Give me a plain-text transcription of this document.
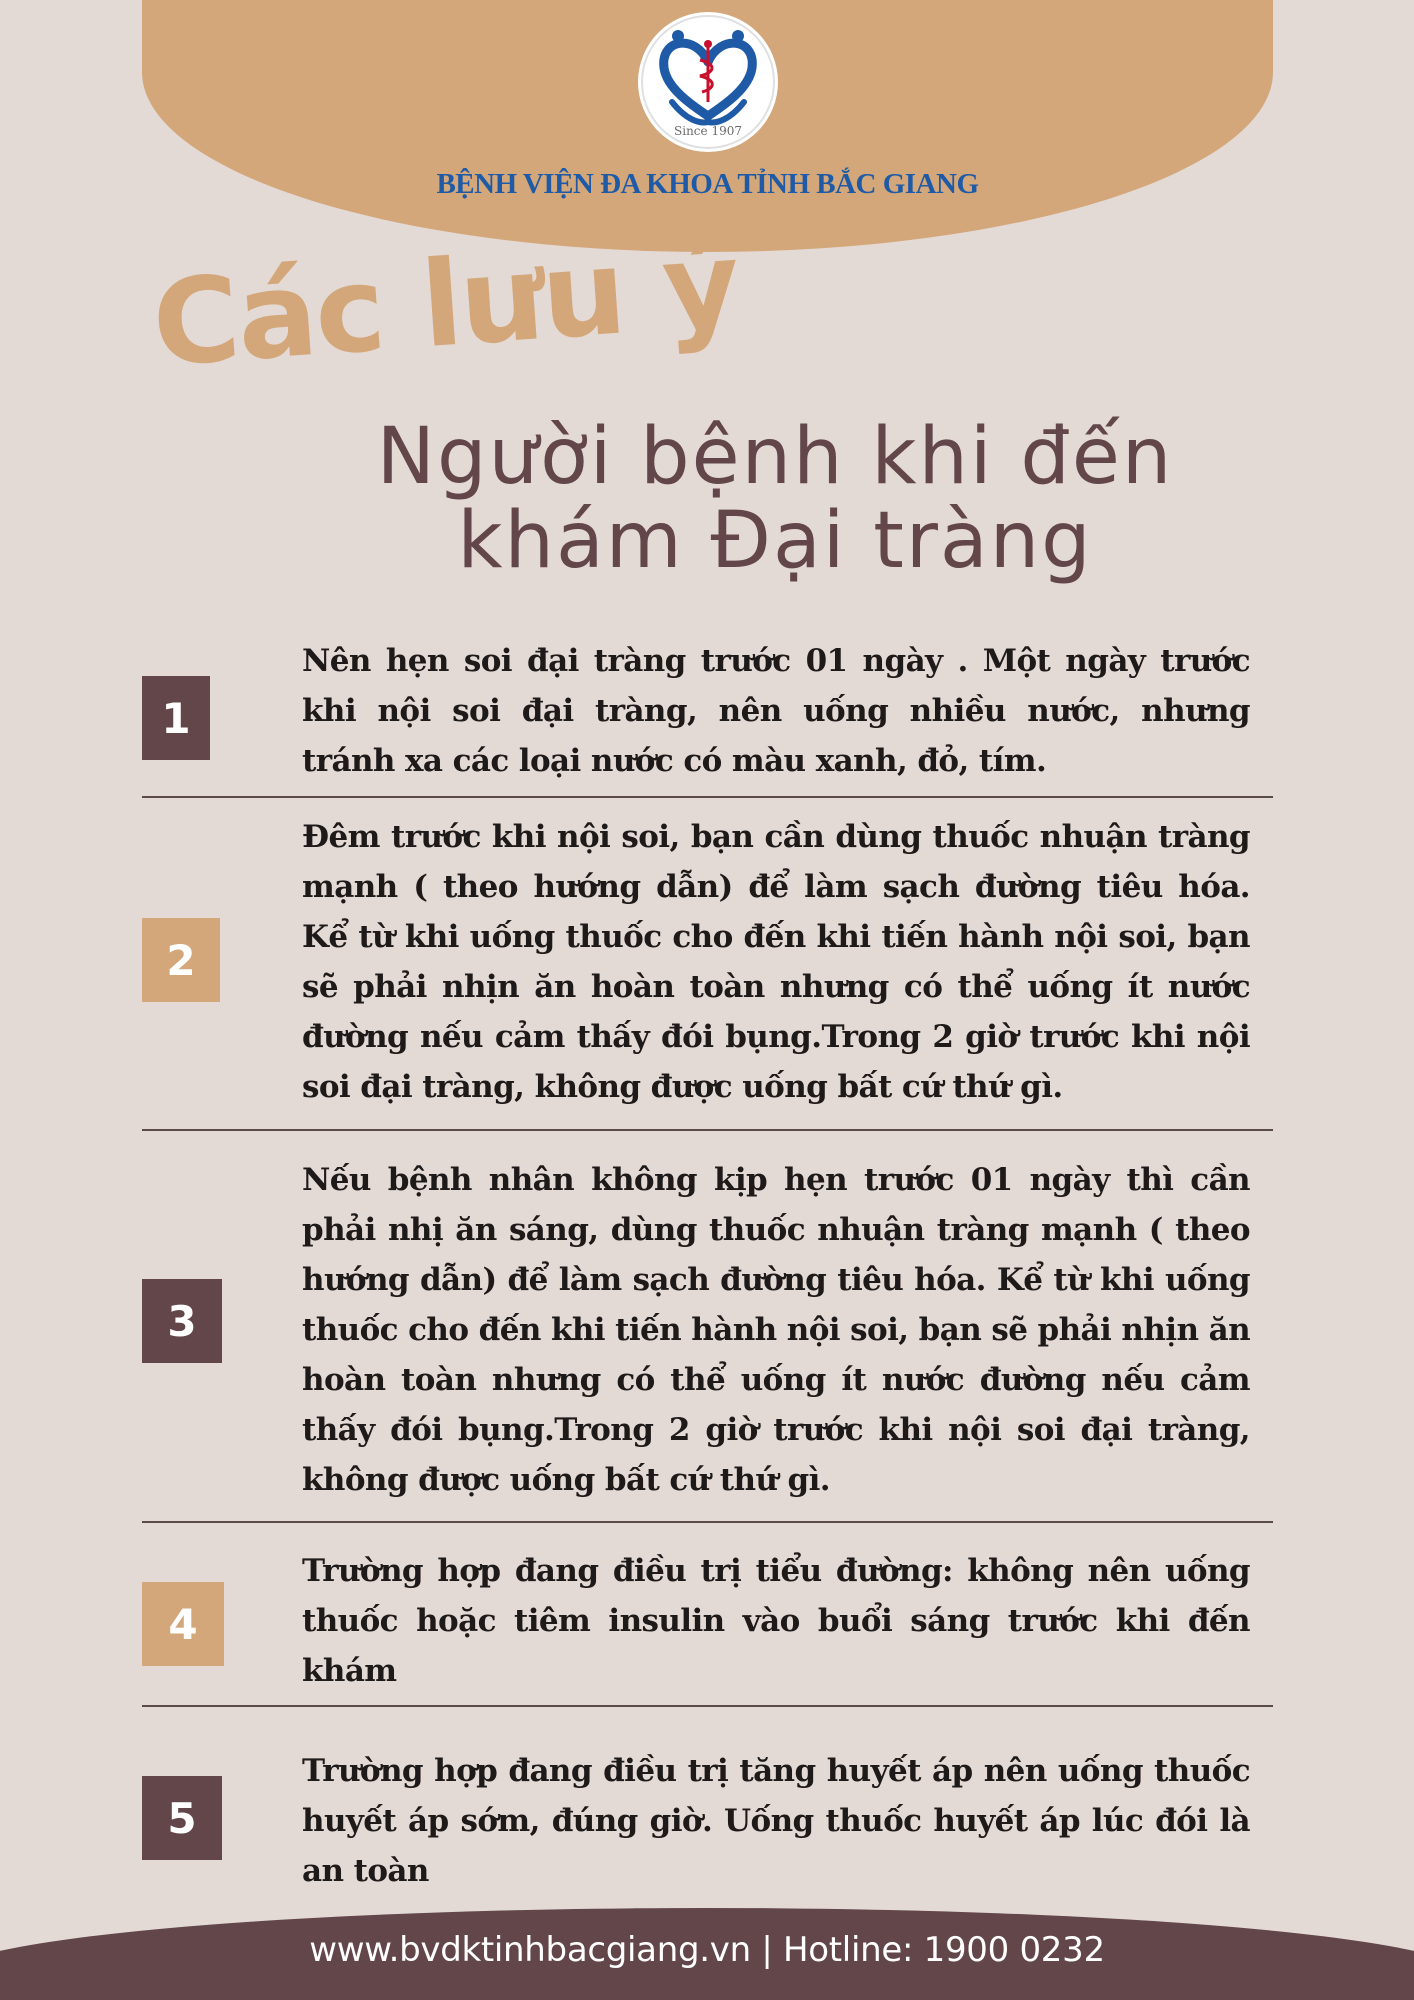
Since 1907
BỆNH VIỆN ĐA KHOA TỈNH BẮC GIANG
Các lưu ý
Người bệnh khi đến
khám Đại tràng
1
Nên hẹn soi đại tràng trước 01 ngày . Một ngày trước khi nội soi đại tràng, nên uống nhiều nước, nhưng tránh xa các loại nước có màu xanh, đỏ, tím.
2
Đêm trước khi nội soi, bạn cần dùng thuốc nhuận tràng mạnh ( theo hướng dẫn) để làm sạch đường tiêu hóa. Kể từ khi uống thuốc cho đến khi tiến hành nội soi, bạn sẽ phải nhịn ăn hoàn toàn nhưng có thể uống ít nước đường nếu cảm thấy đói bụng.Trong 2 giờ trước khi nội soi đại tràng, không được uống bất cứ thứ gì.
3
Nếu bệnh nhân không kịp hẹn trước 01 ngày thì cần phải nhị ăn sáng, dùng thuốc nhuận tràng mạnh ( theo hướng dẫn) để làm sạch đường tiêu hóa. Kể từ khi uống thuốc cho đến khi tiến hành nội soi, bạn sẽ phải nhịn ăn hoàn toàn nhưng có thể uống ít nước đường nếu cảm thấy đói bụng.Trong 2 giờ trước khi nội soi đại tràng, không được uống bất cứ thứ gì.
4
Trường hợp đang điều trị tiểu đường: không nên uống thuốc hoặc tiêm insulin vào buổi sáng trước khi đến khám
5
Trường hợp đang điều trị tăng huyết áp nên uống thuốc huyết áp sớm, đúng giờ. Uống thuốc huyết áp lúc đói là an toàn
www.bvdktinhbacgiang.vn | Hotline: 1900 0232
